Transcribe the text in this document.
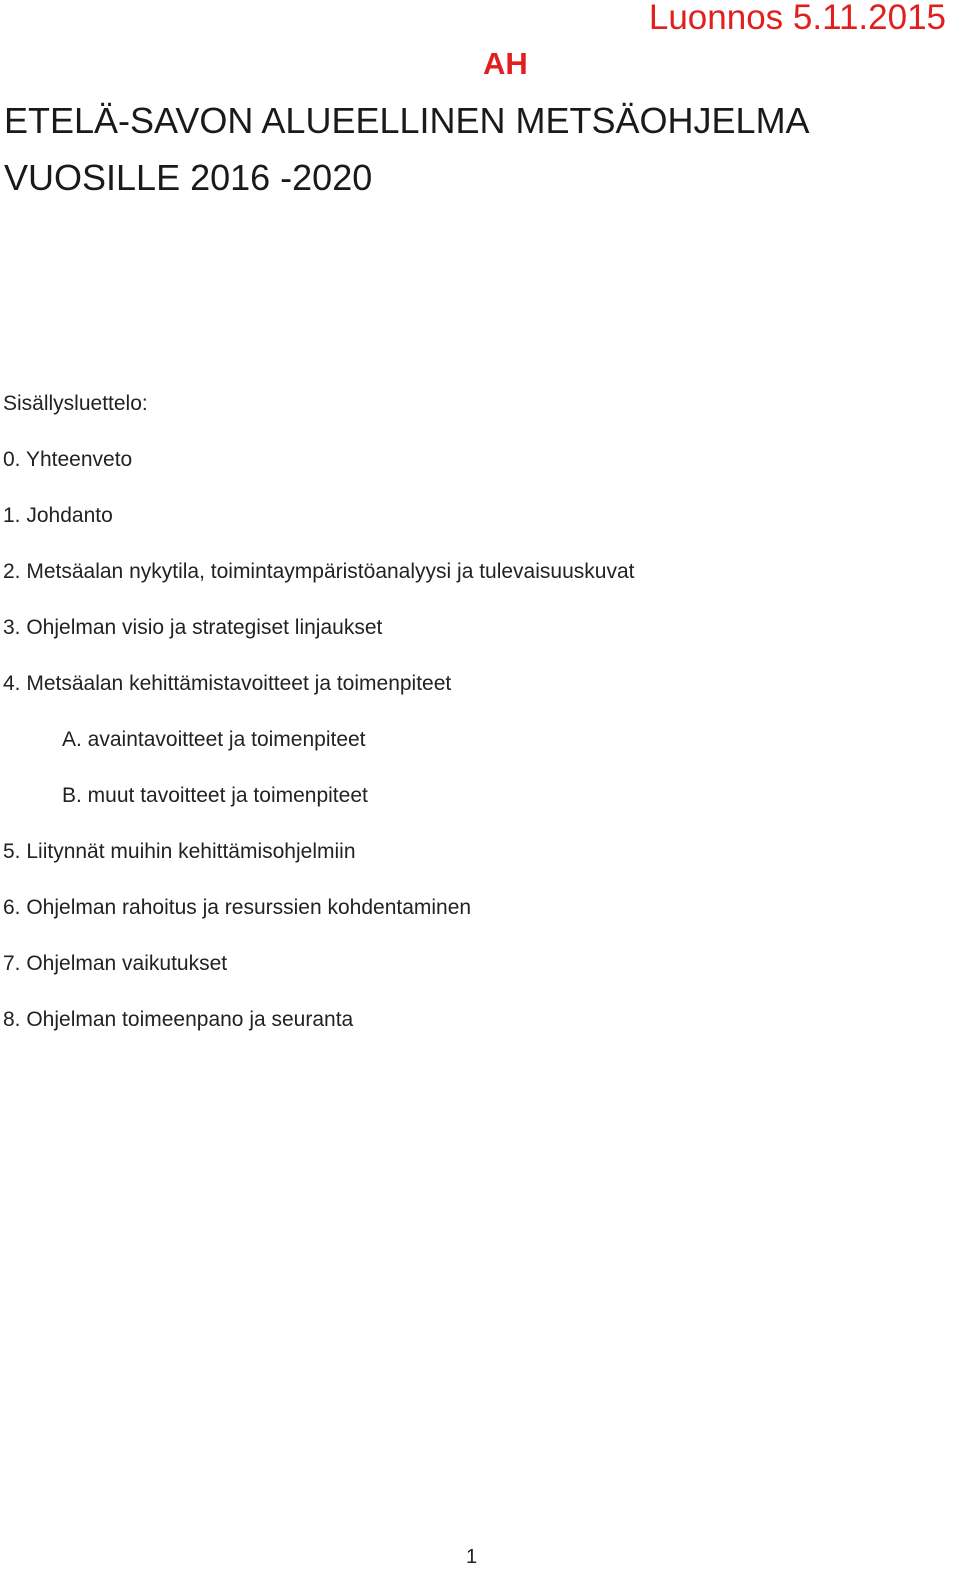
Luonnos 5.11.2015
AH
ETELÄ-SAVON ALUEELLINEN METSÄOHJELMA
VUOSILLE 2016 -2020
Sisällysluettelo:
0. Yhteenveto
1. Johdanto
2. Metsäalan nykytila, toimintaympäristöanalyysi ja tulevaisuuskuvat
3. Ohjelman visio ja strategiset linjaukset
4. Metsäalan kehittämistavoitteet ja toimenpiteet
A. avaintavoitteet ja toimenpiteet
B. muut tavoitteet ja toimenpiteet
5. Liitynnät muihin kehittämisohjelmiin
6. Ohjelman rahoitus ja resurssien kohdentaminen
7. Ohjelman vaikutukset
8. Ohjelman toimeenpano ja seuranta
1
